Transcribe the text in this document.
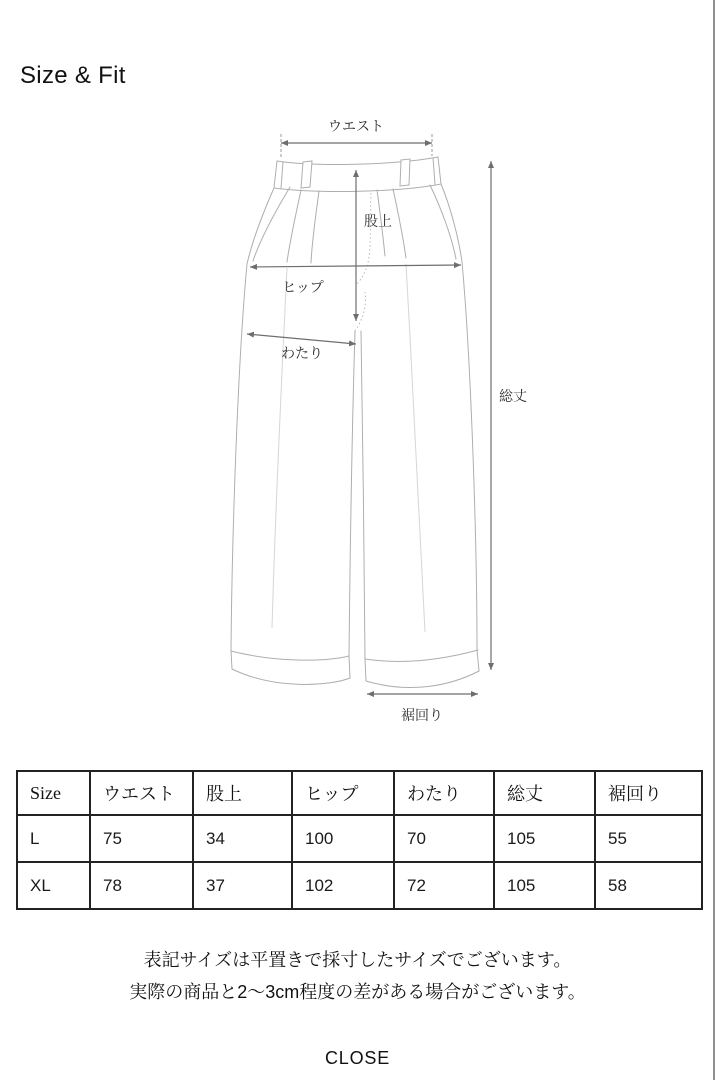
Size & Fit
ウエスト
股上
ヒップ
わたり
総丈
裾回り
Size	ウエスト	股上	ヒップ	わたり	総丈	裾回り
L	75	34	100	70	105	55
XL	78	37	102	72	105	58

表記サイズは平置きで採寸したサイズでございます。

実際の商品と2〜3cm程度の差がある場合がございます。

CLOSE
